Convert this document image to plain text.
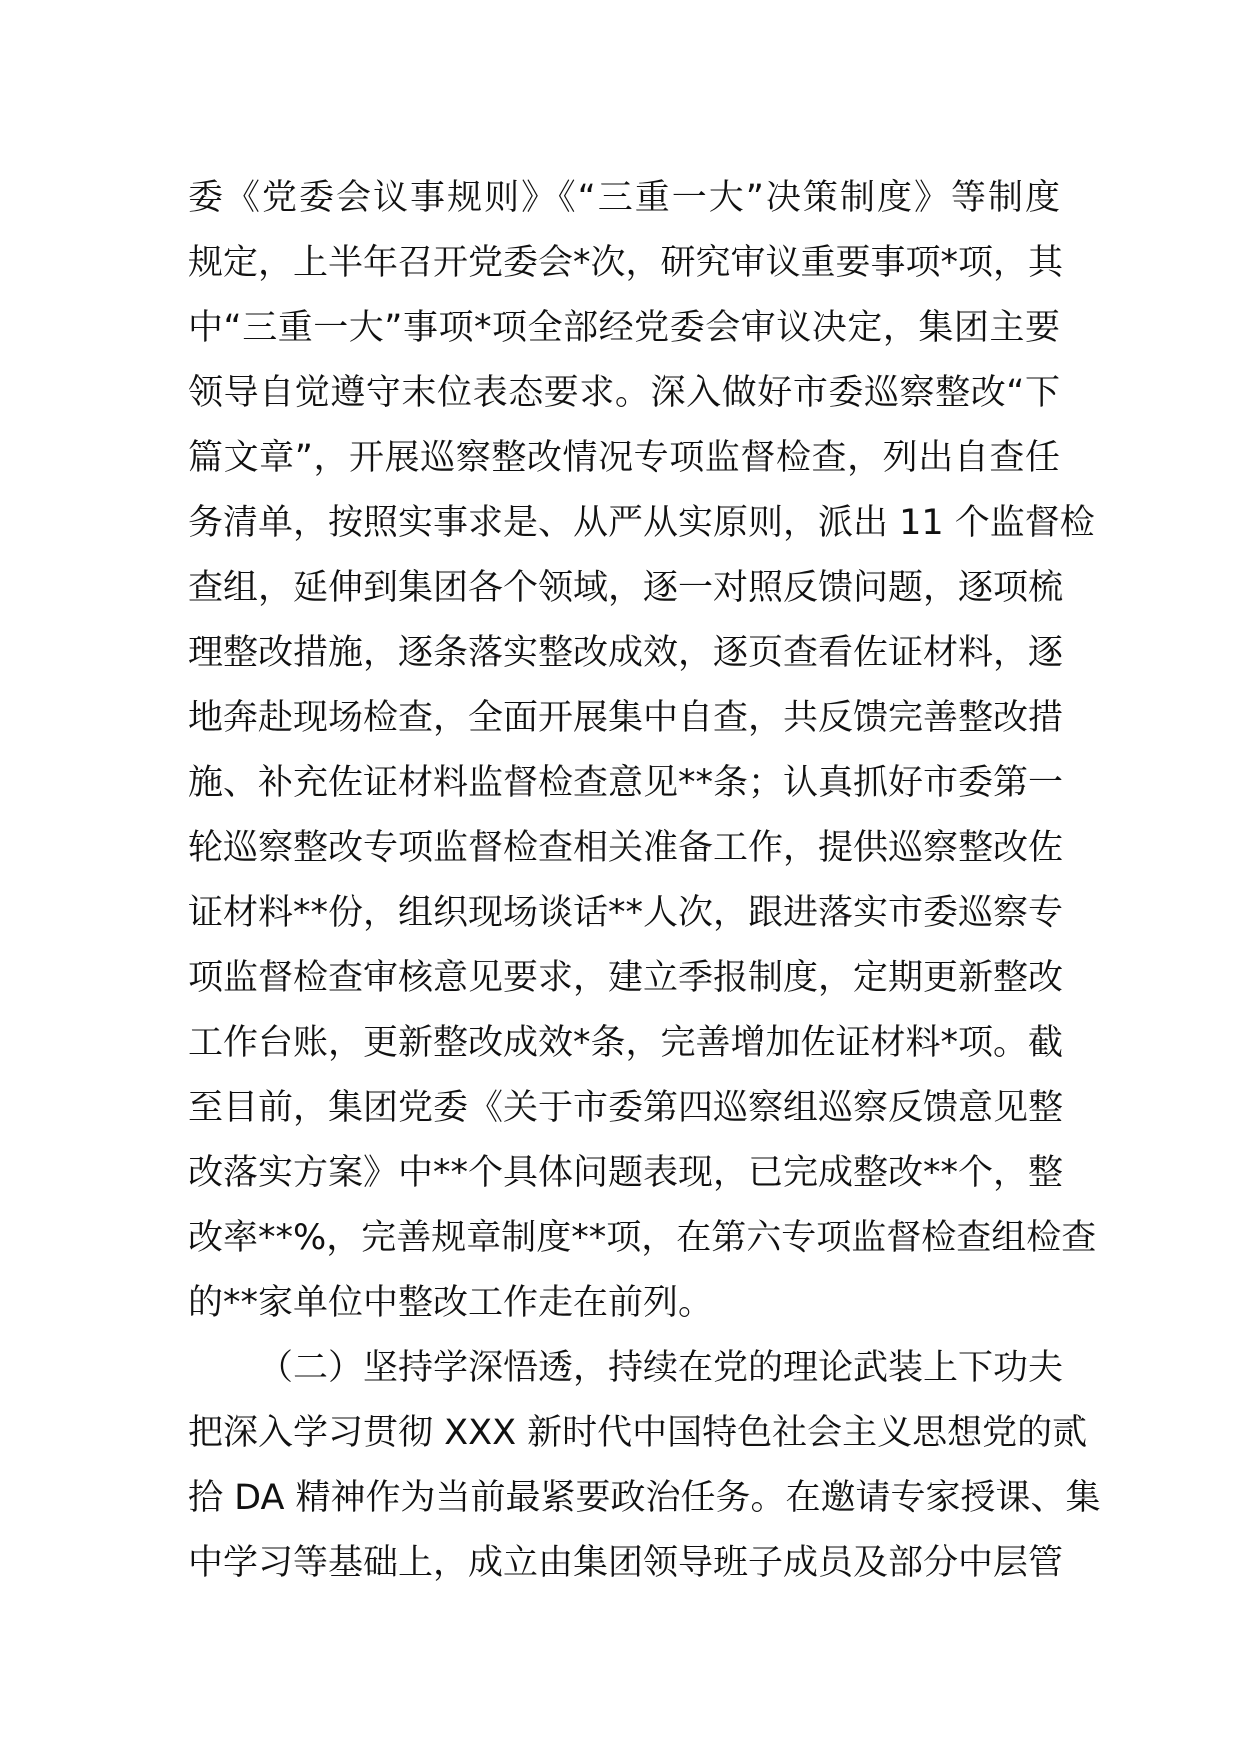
委《党委会议事规则》《“三重一大”决策制度》等制度
规定，上半年召开党委会*次，研究审议重要事项*项，其
中“三重一大”事项*项全部经党委会审议决定，集团主要
领导自觉遵守末位表态要求。深入做好市委巡察整改“下
篇文章”，开展巡察整改情况专项监督检查，列出自查任
务清单，按照实事求是、从严从实原则，派出 11 个监督检
查组，延伸到集团各个领域，逐一对照反馈问题，逐项梳
理整改措施，逐条落实整改成效，逐页查看佐证材料，逐
地奔赴现场检查，全面开展集中自查，共反馈完善整改措
施、补充佐证材料监督检查意见**条；认真抓好市委第一
轮巡察整改专项监督检查相关准备工作，提供巡察整改佐
证材料**份，组织现场谈话**人次，跟进落实市委巡察专
项监督检查审核意见要求，建立季报制度，定期更新整改
工作台账，更新整改成效*条，完善增加佐证材料*项。截
至目前，集团党委《关于市委第四巡察组巡察反馈意见整
改落实方案》中**个具体问题表现，已完成整改**个，整
改率**%，完善规章制度**项，在第六专项监督检查组检查
的**家单位中整改工作走在前列。
（二）坚持学深悟透，持续在党的理论武装上下功夫
把深入学习贯彻 XXX 新时代中国特色社会主义思想党的贰
拾 DA 精神作为当前最紧要政治任务。在邀请专家授课、集
中学习等基础上，成立由集团领导班子成员及部分中层管
